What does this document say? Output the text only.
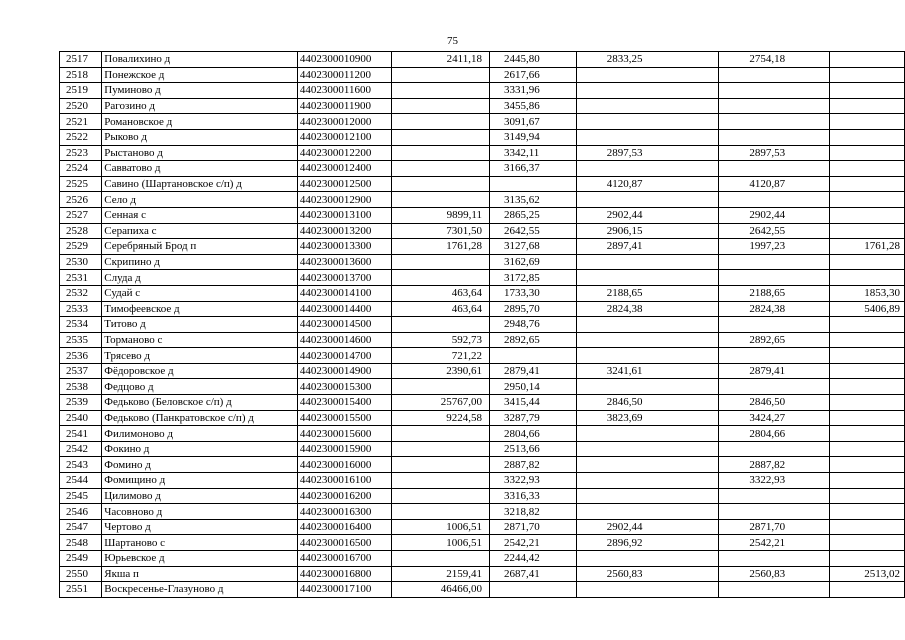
75
2517	Повалихино д	4402300010900	2411,18	2445,80	2833,25	2754,18	
2518	Понежское д	4402300011200		2617,66			
2519	Пуминово д	4402300011600		3331,96			
2520	Рагозино д	4402300011900		3455,86			
2521	Романовское д	4402300012000		3091,67			
2522	Рыково д	4402300012100		3149,94			
2523	Рыстаново д	4402300012200		3342,11	2897,53	2897,53	
2524	Савватово д	4402300012400		3166,37			
2525	Савино (Шартановское с/п) д	4402300012500			4120,87	4120,87	
2526	Село д	4402300012900		3135,62			
2527	Сенная с	4402300013100	9899,11	2865,25	2902,44	2902,44	
2528	Серапиха с	4402300013200	7301,50	2642,55	2906,15	2642,55	
2529	Серебряный Брод п	4402300013300	1761,28	3127,68	2897,41	1997,23	1761,28
2530	Скрипино д	4402300013600		3162,69			
2531	Слуда д	4402300013700		3172,85			
2532	Судай с	4402300014100	463,64	1733,30	2188,65	2188,65	1853,30
2533	Тимофеевское д	4402300014400	463,64	2895,70	2824,38	2824,38	5406,89
2534	Титово д	4402300014500		2948,76			
2535	Торманово с	4402300014600	592,73	2892,65		2892,65	
2536	Трясево д	4402300014700	721,22				
2537	Фёдоровское д	4402300014900	2390,61	2879,41	3241,61	2879,41	
2538	Федцово д	4402300015300		2950,14			
2539	Федьково (Беловское с/п) д	4402300015400	25767,00	3415,44	2846,50	2846,50	
2540	Федьково (Панкратовское с/п) д	4402300015500	9224,58	3287,79	3823,69	3424,27	
2541	Филимоново д	4402300015600		2804,66		2804,66	
2542	Фокино д	4402300015900		2513,66			
2543	Фомино д	4402300016000		2887,82		2887,82	
2544	Фомищино д	4402300016100		3322,93		3322,93	
2545	Цилимово д	4402300016200		3316,33			
2546	Часовново д	4402300016300		3218,82			
2547	Чертово д	4402300016400	1006,51	2871,70	2902,44	2871,70	
2548	Шартаново с	4402300016500	1006,51	2542,21	2896,92	2542,21	
2549	Юрьевское д	4402300016700		2244,42			
2550	Якша п	4402300016800	2159,41	2687,41	2560,83	2560,83	2513,02
2551	Воскресенье-Глазуново д	4402300017100	46466,00				
